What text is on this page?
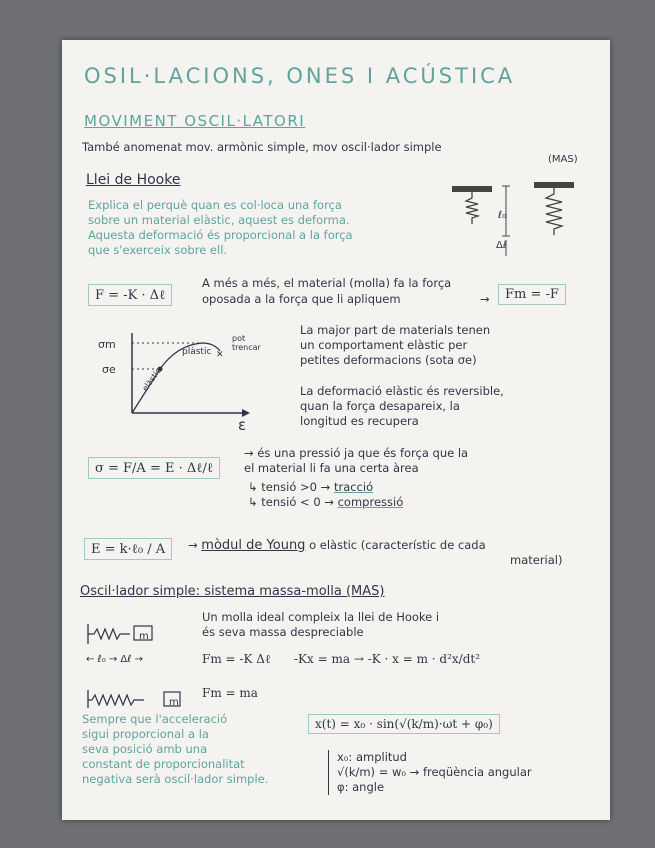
OSIL·LACIONS, ONES I ACÚSTICA
MOVIMENT OSCIL·LATORI
També anomenat mov. armònic simple, mov oscil·lador simple
(MAS)
Llei de Hooke
Explica el perquè quan es col·loca una força
sobre un material elàstic, aquest es deforma.
Aquesta deformació és proporcional a la força
que s'exerceix sobre ell.
ℓ₀
Δℓ
F = -K · Δℓ
A més a més, el material (molla) fa la força
oposada a la força que li apliquem	→	Fm = -F
✕
σm
σe
plàstic
pot
trencar
elàstic
ε
La major part de materials tenen
un comportament elàstic per
petites deformacions (sota σe)
La deformació elàstic és reversible,
quan la força desapareix, la
longitud es recupera
σ = F/A = E · Δℓ/ℓ
→ és una pressió ja que és força que la
el material li fa una certa àrea
↳ tensió >0 → tracció
↳ tensió < 0 → compressió
E = k·ℓ₀ / A	→ mòdul de Young o elàstic (característic de cada
material)
Oscil·lador simple: sistema massa-molla (MAS)
Un molla ideal compleix la llei de Hooke i
és seva massa despreciable
m
m
← ℓ₀ → Δℓ →	Fm = -K Δℓ -Kx = ma → -K · x = m · d²x/dt²
Fm = ma
Sempre que l'acceleració
sigui proporcional a la
seva posició amb una
constant de proporcionalitat
negativa serà oscil·lador simple.
x(t) = x₀ · sin(√(k/m)·ωt + φ₀)
x₀: amplitud
√(k/m) = w₀ → freqüència angular
φ: angle
